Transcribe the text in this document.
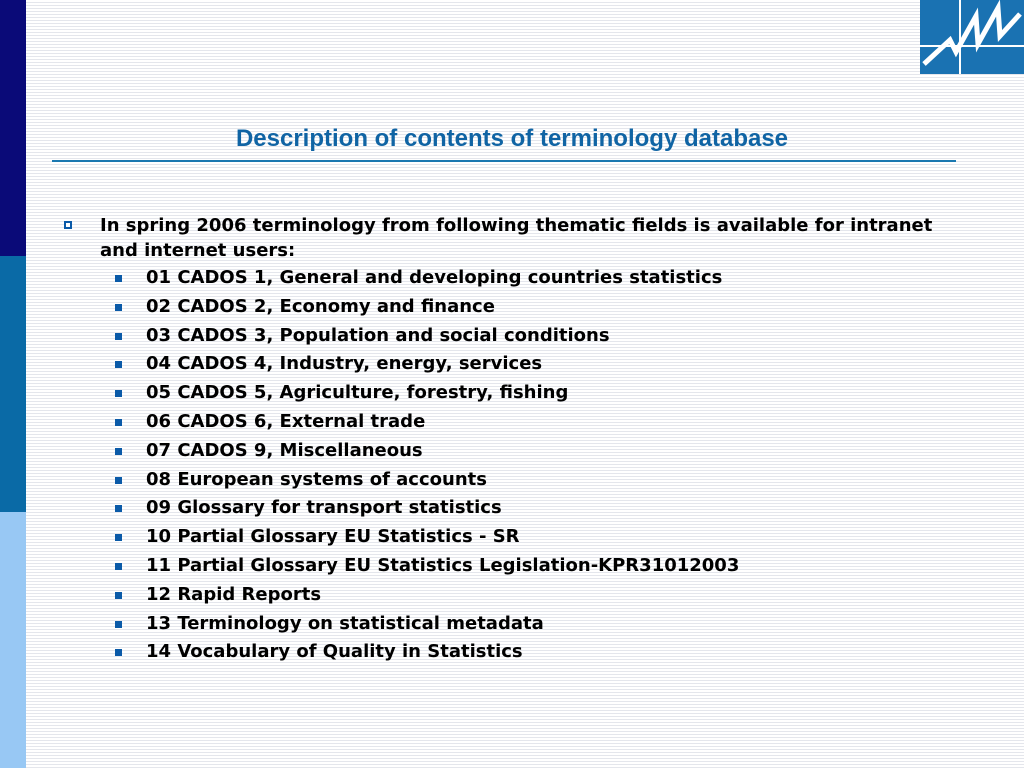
Description of contents of terminology database
In spring 2006 terminology from following thematic fields is available for intranet and internet users:
01 CADOS 1, General and developing countries statistics
02 CADOS 2, Economy and finance
03 CADOS 3, Population and social conditions
04 CADOS 4, Industry, energy, services
05 CADOS 5, Agriculture, forestry, fishing
06 CADOS 6, External trade
07 CADOS 9, Miscellaneous
08 European systems of accounts
09 Glossary for transport statistics
10 Partial Glossary EU Statistics - SR
11 Partial Glossary EU Statistics Legislation-KPR31012003
12 Rapid Reports
13 Terminology on statistical metadata
14 Vocabulary of Quality in Statistics
